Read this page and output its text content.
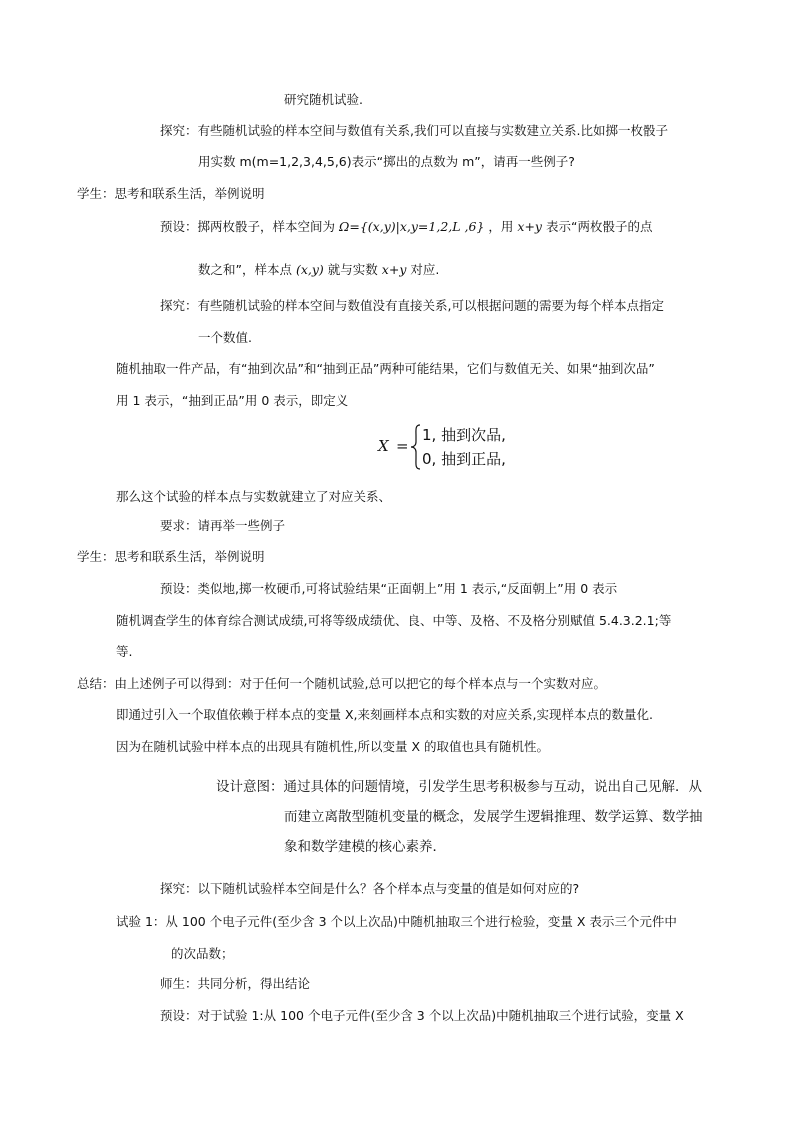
研究随机试验.
探究：有些随机试验的样本空间与数值有关系,我们可以直接与实数建立关系.比如掷一枚骰子
用实数 m(m=1,2,3,4,5,6)表示“掷出的点数为 m”，请再一些例子?
学生：思考和联系生活，举例说明
预设：掷两枚骰子，样本空间为 Ω={(x,y)|x,y=1,2,L ,6} ，用 x+y 表示“两枚骰子的点
数之和”，样本点 (x,y) 就与实数 x+y 对应.
探究：有些随机试验的样本空间与数值没有直接关系,可以根据问题的需要为每个样本点指定
一个数值.
随机抽取一件产品，有“抽到次品”和“抽到正品”两种可能结果，它们与数值无关、如果“抽到次品”
用 1 表示，“抽到正品”用 0 表示，即定义
X =
1, 抽到次品,
0, 抽到正品,
那么这个试验的样本点与实数就建立了对应关系、
要求：请再举一些例子
学生：思考和联系生活，举例说明
预设：类似地,掷一枚硬币,可将试验结果“正面朝上”用 1 表示,“反面朝上”用 0 表示
随机调查学生的体育综合测试成绩,可将等级成绩优、良、中等、及格、不及格分别赋值 5.4.3.2.1;等
等.
总结：由上述例子可以得到：对于任何一个随机试验,总可以把它的每个样本点与一个实数对应。
即通过引入一个取值依赖于样本点的变量 X,来刻画样本点和实数的对应关系,实现样本点的数量化.
因为在随机试验中样本点的出现具有随机性,所以变量 X 的取值也具有随机性。
设计意图：通过具体的问题情境，引发学生思考积极参与互动，说出自己见解．从
而建立离散型随机变量的概念，发展学生逻辑推理、数学运算、数学抽
象和数学建模的核心素养．
探究：以下随机试验样本空间是什么？各个样本点与变量的值是如何对应的?
试验 1：从 100 个电子元件(至少含 3 个以上次品)中随机抽取三个进行检验，变量 X 表示三个元件中
的次品数；
师生：共同分析，得出结论
预设：对于试验 1:从 100 个电子元件(至少含 3 个以上次品)中随机抽取三个进行试验，变量 X
